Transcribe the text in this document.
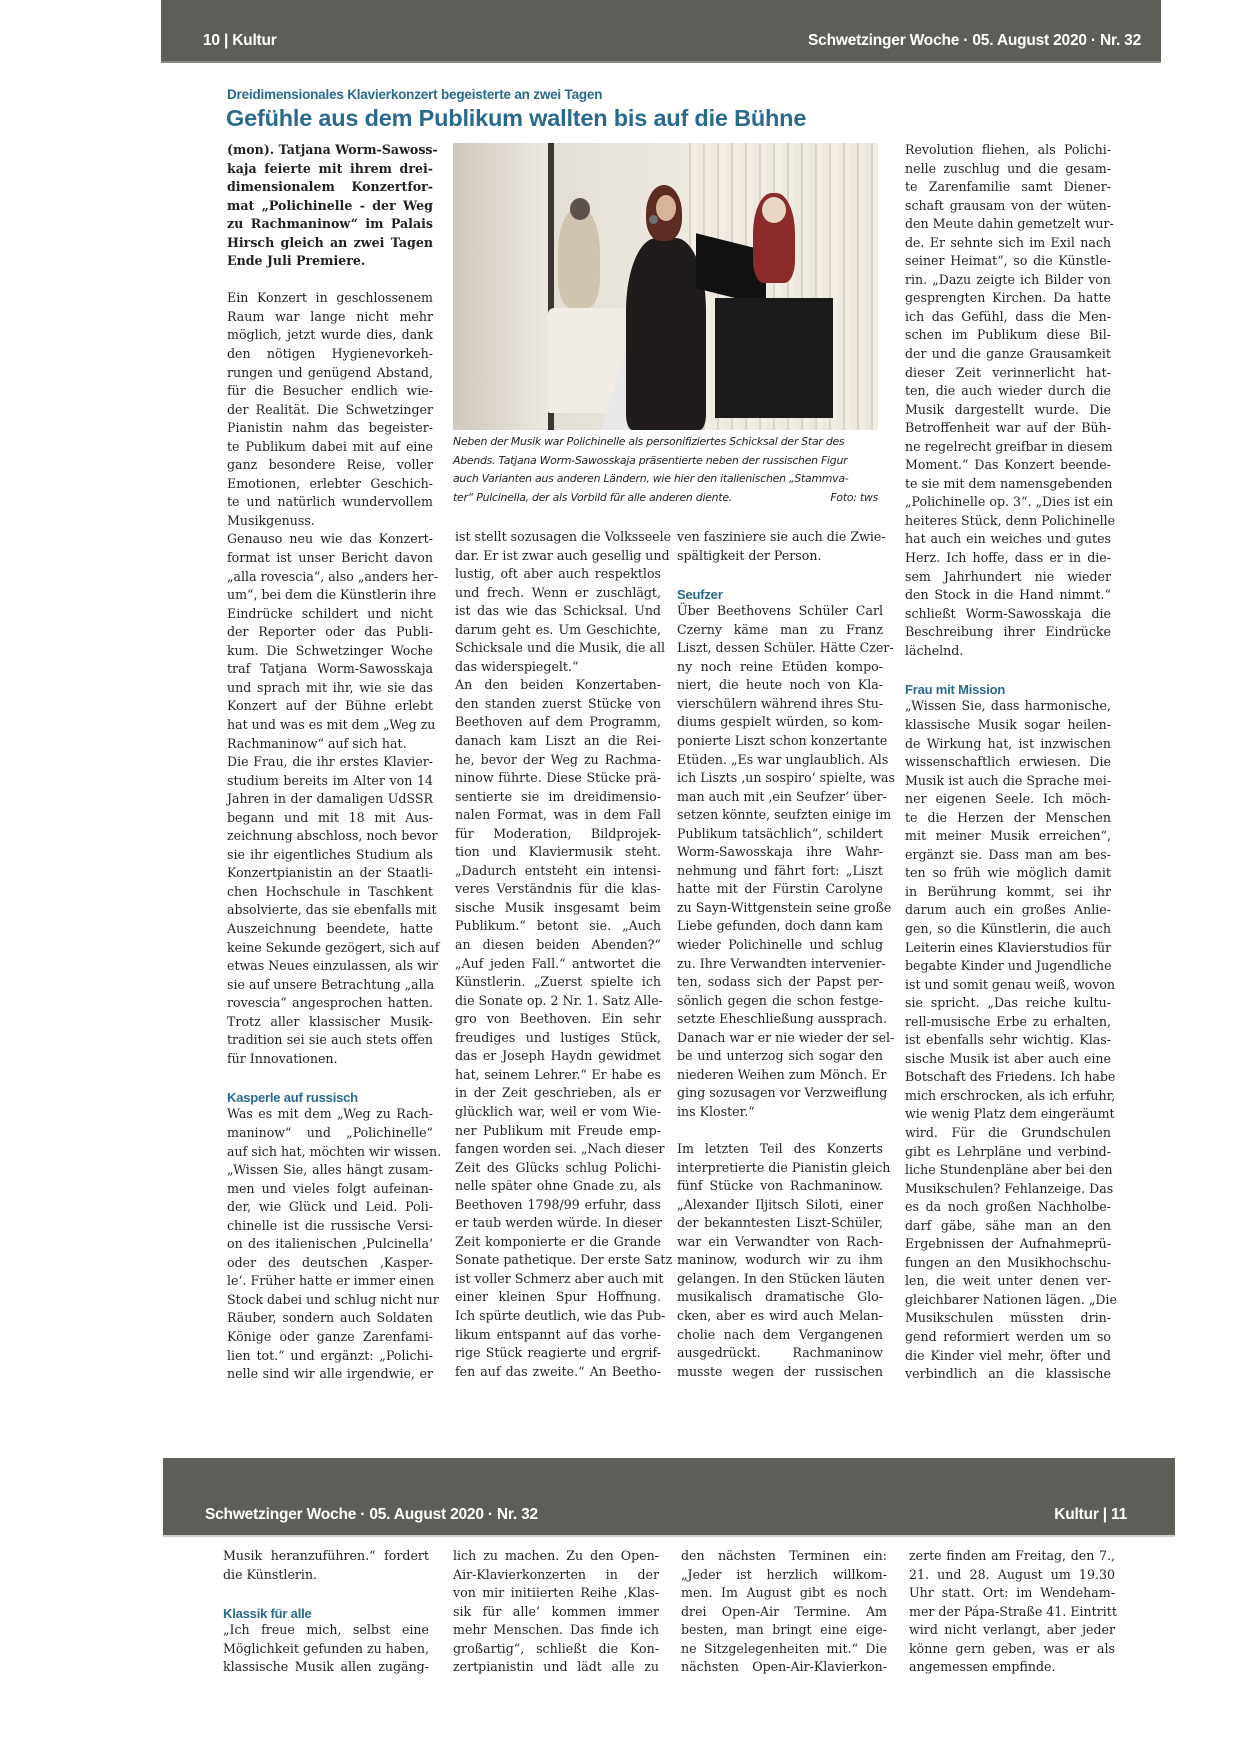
10 | Kultur	Schwetzinger Woche · 05. August 2020 · Nr. 32
Dreidimensionales Klavierkonzert begeisterte an zwei Tagen
Gefühle aus dem Publikum wallten bis auf die Bühne
Neben der Musik war Polichinelle als personifiziertes Schicksal der Star des
Abends. Tatjana Worm-Sawosskaja präsentierte neben der russischen Figur
auch Varianten aus anderen Ländern, wie hier den italienischen „Stammva-
ter“ Pulcinella, der als Vorbild für alle anderen diente.	Foto: tws

(mon). Tatjana Worm-Sawoss-
kaja feierte mit ihrem drei-
dimensionalem Konzertfor-
mat „Polichinelle - der Weg
zu Rachmaninow“ im Palais
Hirsch gleich an zwei Tagen
Ende Juli Premiere.

Ein Konzert in geschlossenem
Raum war lange nicht mehr
möglich, jetzt wurde dies, dank
den nötigen Hygienevorkeh-
rungen und genügend Abstand,
für die Besucher endlich wie-
der Realität. Die Schwetzinger
Pianistin nahm das begeister-
te Publikum dabei mit auf eine
ganz besondere Reise, voller
Emotionen, erlebter Geschich-
te und natürlich wundervollem
Musikgenuss.

Genauso neu wie das Konzert-
format ist unser Bericht davon
„alla rovescia“, also „anders her-
um“, bei dem die Künstlerin ihre
Eindrücke schildert und nicht
der Reporter oder das Publi-
kum. Die Schwetzinger Woche
traf Tatjana Worm-Sawosskaja
und sprach mit ihr, wie sie das
Konzert auf der Bühne erlebt
hat und was es mit dem „Weg zu
Rachmaninow“ auf sich hat.

Die Frau, die ihr erstes Klavier-
studium bereits im Alter von 14
Jahren in der damaligen UdSSR
begann und mit 18 mit Aus-
zeichnung abschloss, noch bevor
sie ihr eigentliches Studium als
Konzertpianistin an der Staatli-
chen Hochschule in Taschkent
absolvierte, das sie ebenfalls mit
Auszeichnung beendete, hatte
keine Sekunde gezögert, sich auf
etwas Neues einzulassen, als wir
sie auf unsere Betrachtung „alla
rovescia“ angesprochen hatten.
Trotz aller klassischer Musik-
tradition sei sie auch stets offen
für Innovationen.

Kasperle auf russisch

Was es mit dem „Weg zu Rach-
maninow“ und „Polichinelle“
auf sich hat, möchten wir wissen.
„Wissen Sie, alles hängt zusam-
men und vieles folgt aufeinan-
der, wie Glück und Leid. Poli-
chinelle ist die russische Versi-
on des italienischen ‚Pulcinella‘
oder des deutschen ‚Kasper-
le‘. Früher hatte er immer einen
Stock dabei und schlug nicht nur
Räuber, sondern auch Soldaten
Könige oder ganze Zarenfami-
lien tot.“ und ergänzt: „Polichi-
nelle sind wir alle irgendwie, er

ist stellt sozusagen die Volksseele
dar. Er ist zwar auch gesellig und
lustig, oft aber auch respektlos
und frech. Wenn er zuschlägt,
ist das wie das Schicksal. Und
darum geht es. Um Geschichte,
Schicksale und die Musik, die all
das widerspiegelt.“

An den beiden Konzertaben-
den standen zuerst Stücke von
Beethoven auf dem Programm,
danach kam Liszt an die Rei-
he, bevor der Weg zu Rachma-
ninow führte. Diese Stücke prä-
sentierte sie im dreidimensio-
nalen Format, was in dem Fall
für Moderation, Bildprojek-
tion und Klaviermusik steht.
„Dadurch entsteht ein intensi-
veres Verständnis für die klas-
sische Musik insgesamt beim
Publikum.“ betont sie. „Auch
an diesen beiden Abenden?“
„Auf jeden Fall.“ antwortet die
Künstlerin. „Zuerst spielte ich
die Sonate op. 2 Nr. 1. Satz Alle-
gro von Beethoven. Ein sehr
freudiges und lustiges Stück,
das er Joseph Haydn gewidmet
hat, seinem Lehrer.“ Er habe es
in der Zeit geschrieben, als er
glücklich war, weil er vom Wie-
ner Publikum mit Freude emp-
fangen worden sei. „Nach dieser
Zeit des Glücks schlug Polichi-
nelle später ohne Gnade zu, als
Beethoven 1798/99 erfuhr, dass
er taub werden würde. In dieser
Zeit komponierte er die Grande
Sonate pathetique. Der erste Satz
ist voller Schmerz aber auch mit
einer kleinen Spur Hoffnung.
Ich spürte deutlich, wie das Pub-
likum entspannt auf das vorhe-
rige Stück reagierte und ergrif-
fen auf das zweite.“ An Beetho-

ven fasziniere sie auch die Zwie-
spältigkeit der Person.

Seufzer

Über Beethovens Schüler Carl
Czerny käme man zu Franz
Liszt, dessen Schüler. Hätte Czer-
ny noch reine Etüden kompo-
niert, die heute noch von Kla-
vierschülern während ihres Stu-
diums gespielt würden, so kom-
ponierte Liszt schon konzertante
Etüden. „Es war unglaublich. Als
ich Liszts ‚un sospiro‘ spielte, was
man auch mit ‚ein Seufzer‘ über-
setzen könnte, seufzten einige im
Publikum tatsächlich“, schildert
Worm-Sawosskaja ihre Wahr-
nehmung und fährt fort: „Liszt
hatte mit der Fürstin Carolyne
zu Sayn-Wittgenstein seine große
Liebe gefunden, doch dann kam
wieder Polichinelle und schlug
zu. Ihre Verwandten intervenier-
ten, sodass sich der Papst per-
sönlich gegen die schon festge-
setzte Eheschließung aussprach.
Danach war er nie wieder der sel-
be und unterzog sich sogar den
niederen Weihen zum Mönch. Er
ging sozusagen vor Verzweiflung
ins Kloster.“

Im letzten Teil des Konzerts
interpretierte die Pianistin gleich
fünf Stücke von Rachmaninow.
„Alexander Iljitsch Siloti, einer
der bekanntesten Liszt-Schüler,
war ein Verwandter von Rach-
maninow, wodurch wir zu ihm
gelangen. In den Stücken läuten
musikalisch dramatische Glo-
cken, aber es wird auch Melan-
cholie nach dem Vergangenen
ausgedrückt. Rachmaninow
musste wegen der russischen

Revolution fliehen, als Polichi-
nelle zuschlug und die gesam-
te Zarenfamilie samt Diener-
schaft grausam von der wüten-
den Meute dahin gemetzelt wur-
de. Er sehnte sich im Exil nach
seiner Heimat“, so die Künstle-
rin. „Dazu zeigte ich Bilder von
gesprengten Kirchen. Da hatte
ich das Gefühl, dass die Men-
schen im Publikum diese Bil-
der und die ganze Grausamkeit
dieser Zeit verinnerlicht hat-
ten, die auch wieder durch die
Musik dargestellt wurde. Die
Betroffenheit war auf der Büh-
ne regelrecht greifbar in diesem
Moment.“ Das Konzert beende-
te sie mit dem namensgebenden
„Polichinelle op. 3“. „Dies ist ein
heiteres Stück, denn Polichinelle
hat auch ein weiches und gutes
Herz. Ich hoffe, dass er in die-
sem Jahrhundert nie wieder
den Stock in die Hand nimmt.“
schließt Worm-Sawosskaja die
Beschreibung ihrer Eindrücke
lächelnd.

Frau mit Mission

„Wissen Sie, dass harmonische,
klassische Musik sogar heilen-
de Wirkung hat, ist inzwischen
wissenschaftlich erwiesen. Die
Musik ist auch die Sprache mei-
ner eigenen Seele. Ich möch-
te die Herzen der Menschen
mit meiner Musik erreichen“,
ergänzt sie. Dass man am bes-
ten so früh wie möglich damit
in Berührung kommt, sei ihr
darum auch ein großes Anlie-
gen, so die Künstlerin, die auch
Leiterin eines Klavierstudios für
begabte Kinder und Jugendliche
ist und somit genau weiß, wovon
sie spricht. „Das reiche kultu-
rell-musische Erbe zu erhalten,
ist ebenfalls sehr wichtig. Klas-
sische Musik ist aber auch eine
Botschaft des Friedens. Ich habe
mich erschrocken, als ich erfuhr,
wie wenig Platz dem eingeräumt
wird. Für die Grundschulen
gibt es Lehrpläne und verbind-
liche Stundenpläne aber bei den
Musikschulen? Fehlanzeige. Das
es da noch großen Nachholbe-
darf gäbe, sähe man an den
Ergebnissen der Aufnahmeprü-
fungen an den Musikhochschu-
len, die weit unter denen ver-
gleichbarer Nationen lägen. „Die
Musikschulen müssten drin-
gend reformiert werden um so
die Kinder viel mehr, öfter und
verbindlich an die klassische

Schwetzinger Woche · 05. August 2020 · Nr. 32	Kultur | 11

Musik heranzuführen.“ fordert
die Künstlerin.

Klassik für alle

„Ich freue mich, selbst eine
Möglichkeit gefunden zu haben,
klassische Musik allen zugäng-

lich zu machen. Zu den Open-
Air-Klavierkonzerten in der
von mir initiierten Reihe ‚Klas-
sik für alle‘ kommen immer
mehr Menschen. Das finde ich
großartig“, schließt die Kon-
zertpianistin und lädt alle zu

den nächsten Terminen ein:
„Jeder ist herzlich willkom-
men. Im August gibt es noch
drei Open-Air Termine. Am
besten, man bringt eine eige-
ne Sitzgelegenheiten mit.“ Die
nächsten Open-Air-Klavierkon-

zerte finden am Freitag, den 7.,
21. und 28. August um 19.30
Uhr statt. Ort: im Wendeham-
mer der Pápa-Straße 41. Eintritt
wird nicht verlangt, aber jeder
könne gern geben, was er als
angemessen empfinde.
